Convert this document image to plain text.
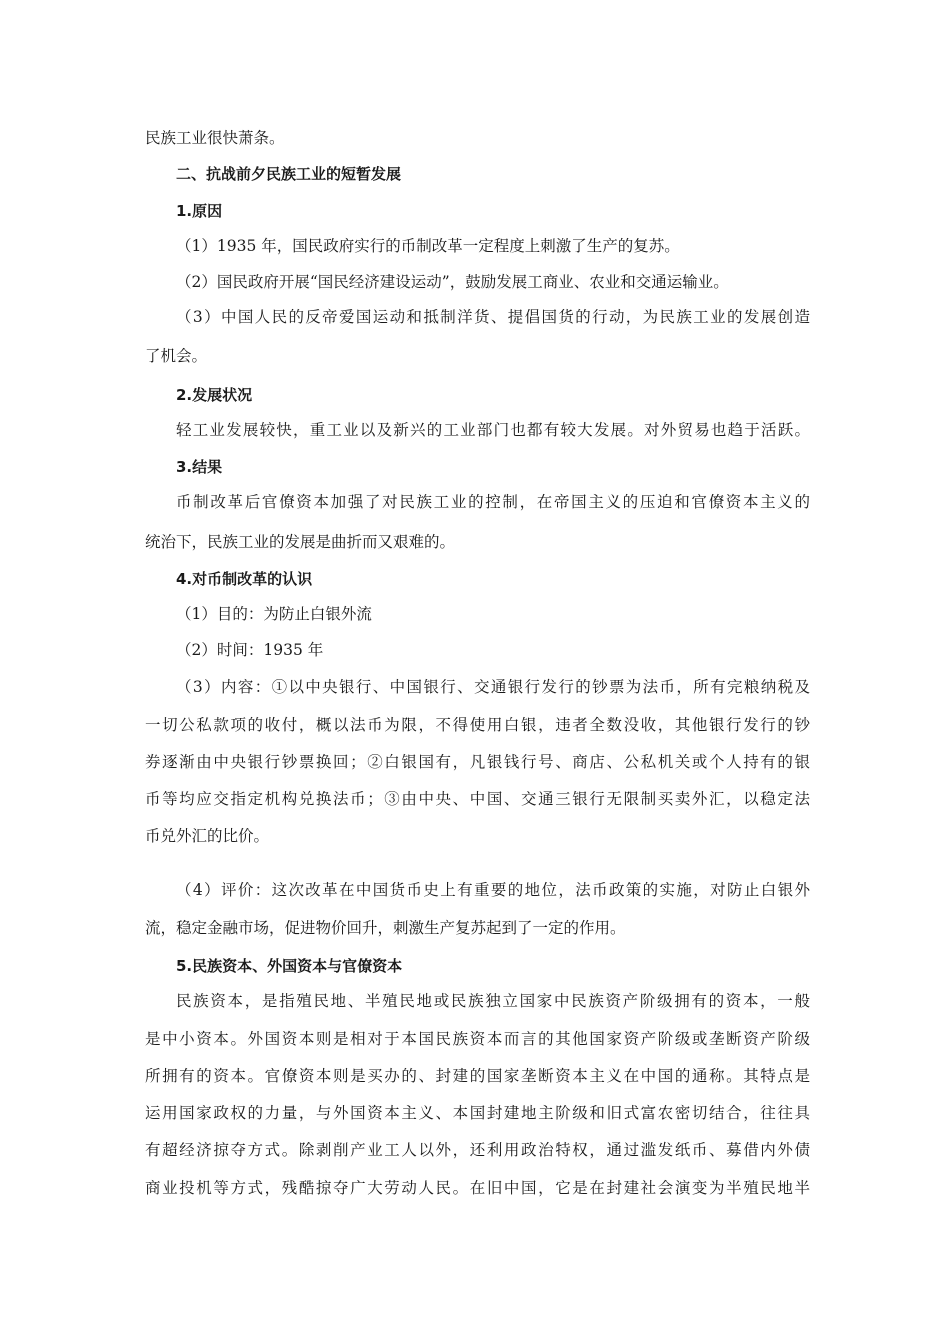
民族工业很快萧条。
二、抗战前夕民族工业的短暂发展
1.原因
（1）1935 年，国民政府实行的币制改革一定程度上刺激了生产的复苏。
（2）国民政府开展“国民经济建设运动”，鼓励发展工商业、农业和交通运输业。
（3）中国人民的反帝爱国运动和抵制洋货、提倡国货的行动，为民族工业的发展创造
了机会。
2.发展状况
轻工业发展较快，重工业以及新兴的工业部门也都有较大发展。对外贸易也趋于活跃。
3.结果
币制改革后官僚资本加强了对民族工业的控制，在帝国主义的压迫和官僚资本主义的
统治下，民族工业的发展是曲折而又艰难的。
4.对币制改革的认识
（1）目的：为防止白银外流
（2）时间：1935 年
（3）内容：①以中央银行、中国银行、交通银行发行的钞票为法币，所有完粮纳税及
一切公私款项的收付，概以法币为限，不得使用白银，违者全数没收，其他银行发行的钞
券逐渐由中央银行钞票换回；②白银国有，凡银钱行号、商店、公私机关或个人持有的银
币等均应交指定机构兑换法币；③由中央、中国、交通三银行无限制买卖外汇，以稳定法
币兑外汇的比价。
（4）评价：这次改革在中国货币史上有重要的地位，法币政策的实施，对防止白银外
流，稳定金融市场，促进物价回升，刺激生产复苏起到了一定的作用。
5.民族资本、外国资本与官僚资本
民族资本，是指殖民地、半殖民地或民族独立国家中民族资产阶级拥有的资本，一般
是中小资本。外国资本则是相对于本国民族资本而言的其他国家资产阶级或垄断资产阶级
所拥有的资本。官僚资本则是买办的、封建的国家垄断资本主义在中国的通称。其特点是
运用国家政权的力量，与外国资本主义、本国封建地主阶级和旧式富农密切结合，往往具
有超经济掠夺方式。除剥削产业工人以外，还利用政治特权，通过滥发纸币、募借内外债
商业投机等方式，残酷掠夺广大劳动人民。在旧中国，它是在封建社会演变为半殖民地半
